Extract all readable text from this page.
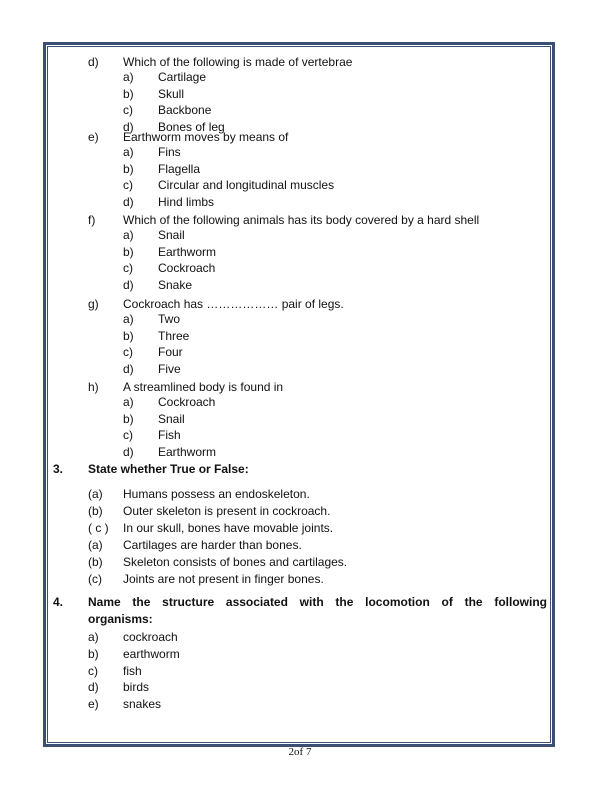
d) Which of the following is made of vertebrae
a) Cartilage
b) Skull
c) Backbone
d) Bones of leg
e) Earthworm moves by means of
a) Fins
b) Flagella
c) Circular and longitudinal muscles
d) Hind limbs
f) Which of the following animals has its body covered by a hard shell
a) Snail
b) Earthworm
c) Cockroach
d) Snake
g) Cockroach has ……………… pair of legs.
a) Two
b) Three
c) Four
d) Five
h) A streamlined body is found in
a) Cockroach
b) Snail
c) Fish
d) Earthworm
3. State whether True or False:
(a) Humans possess an endoskeleton.
(b) Outer skeleton is present in cockroach.
( c ) In our skull, bones have movable joints.
(a) Cartilages are harder than bones.
(b) Skeleton consists of bones and cartilages.
(c) Joints are not present in finger bones.
4. Name the structure associated with the locomotion of the following
organisms:
a) cockroach
b) earthworm
c) fish
d) birds
e) snakes
2of 7
